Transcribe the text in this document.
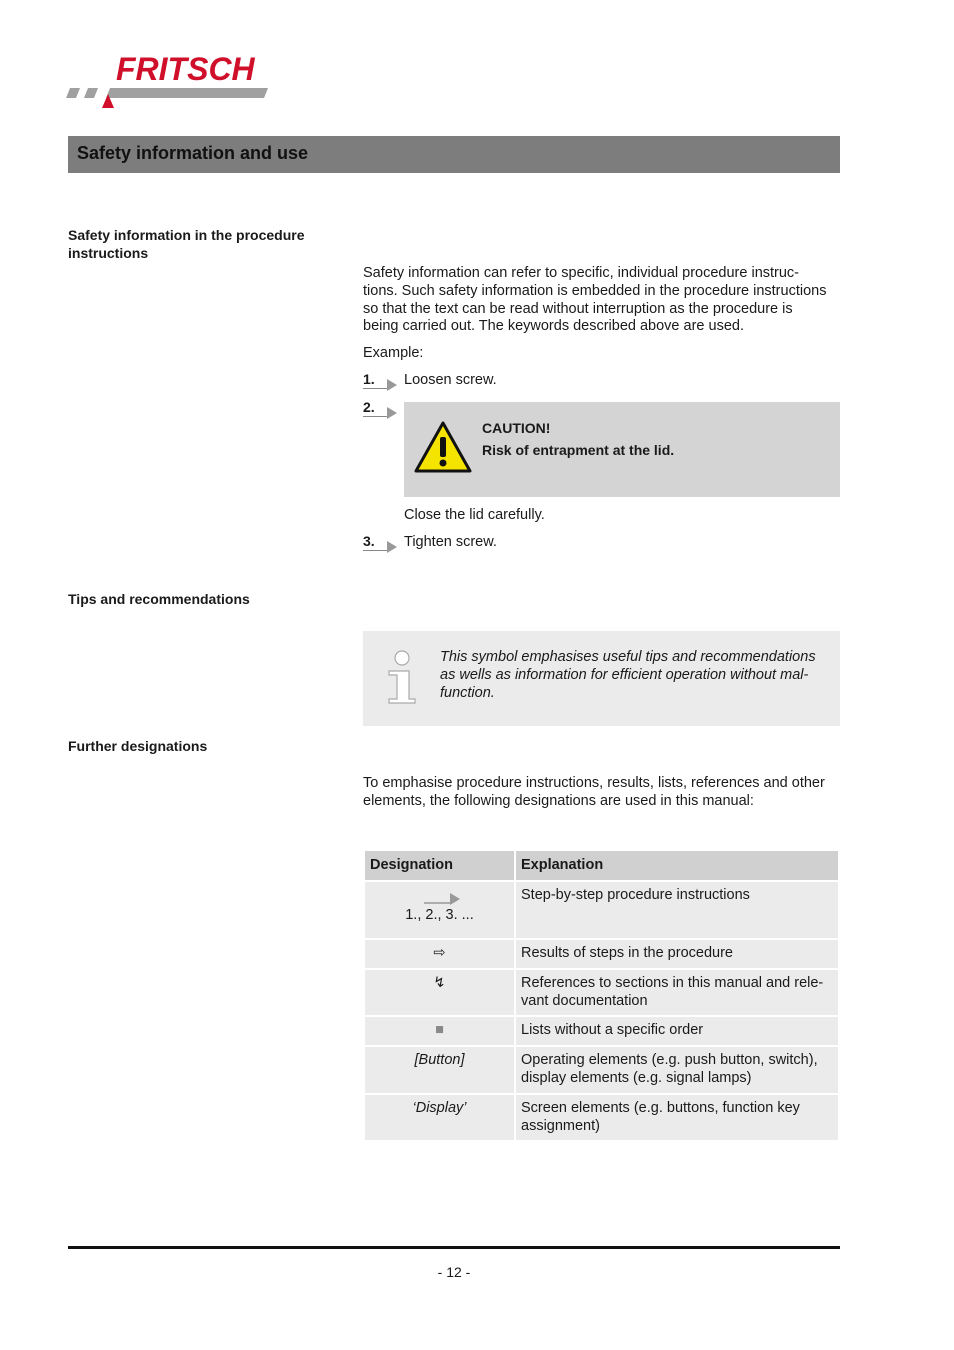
FRITSCH
Safety information and use
Safety information in the procedure instructions
Safety information can refer to specific, individual procedure instruc-
tions. Such safety information is embedded in the procedure instructions
so that the text can be read without interruption as the procedure is
being carried out. The keywords described above are used.
Example:
1. Loosen screw.
2.
CAUTION!
Risk of entrapment at the lid.
Close the lid carefully.
3. Tighten screw.
Tips and recommendations
This symbol emphasises useful tips and recommendations
as wells as information for efficient operation without mal-
function.
Further designations
To emphasise procedure instructions, results, lists, references and other
elements, the following designations are used in this manual:
Designation	Explanation

1., 2., 3. ...	Step-by-step procedure instructions
⇨	Results of steps in the procedure
↯	References to sections in this manual and rele-
vant documentation

■	Lists without a specific order
[Button]	Operating elements (e.g. push button, switch),
display elements (e.g. signal lamps)

‘Display’	Screen elements (e.g. buttons, function key
assignment)
- 12 -
